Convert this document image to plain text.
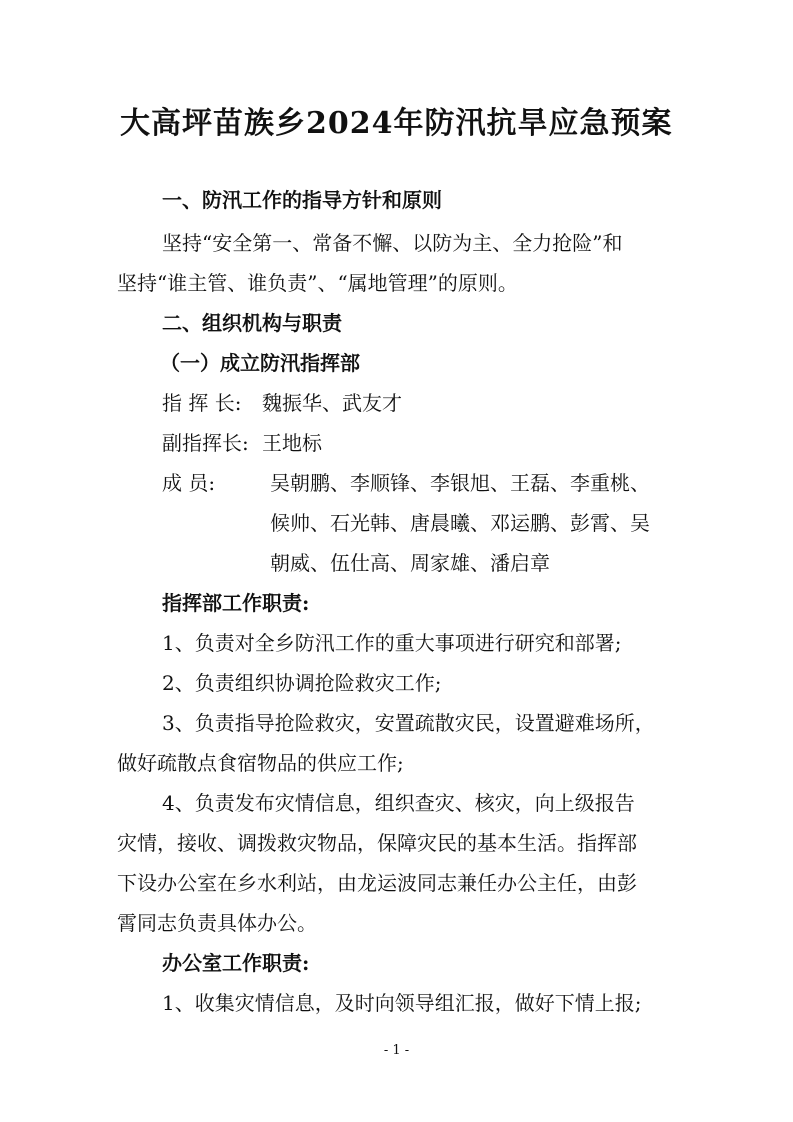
大高坪苗族乡2024年防汛抗旱应急预案
一、防汛工作的指导方针和原则
坚持“安全第一、常备不懈、以防为主、全力抢险”和
坚持“谁主管、谁负责”、“属地管理”的原则。
二、组织机构与职责
（一）成立防汛指挥部
指 挥 长: 魏振华、武友才
副指挥长: 王地标
成 员:	吴朝鹏、李顺锋、李银旭、王磊、李重桃、
候帅、石光韩、唐晨曦、邓运鹏、彭霄、吴
朝威、伍仕高、周家雄、潘启章
指挥部工作职责:
1、负责对全乡防汛工作的重大事项进行研究和部署;
2、负责组织协调抢险救灾工作;
3、负责指导抢险救灾，安置疏散灾民，设置避难场所，
做好疏散点食宿物品的供应工作;
4、负责发布灾情信息，组织查灾、核灾，向上级报告
灾情，接收、调拨救灾物品，保障灾民的基本生活。指挥部
下设办公室在乡水利站，由龙运波同志兼任办公主任，由彭
霄同志负责具体办公。
办公室工作职责:
1、收集灾情信息，及时向领导组汇报，做好下情上报;
- 1 -
